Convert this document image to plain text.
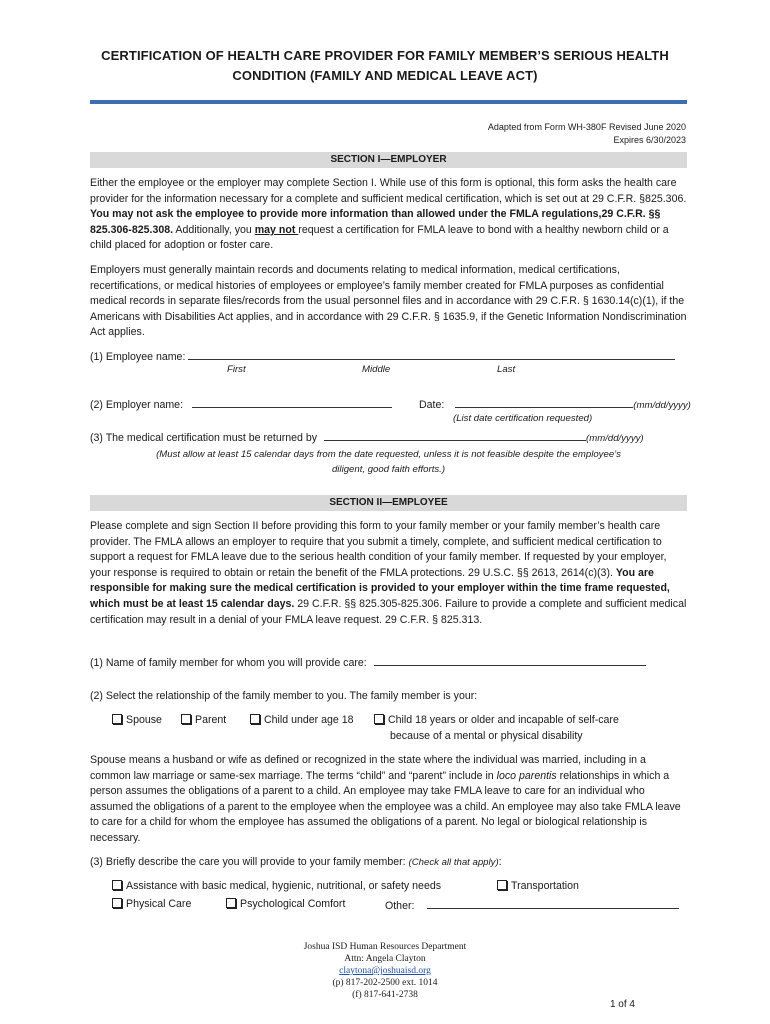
CERTIFICATION OF HEALTH CARE PROVIDER FOR FAMILY MEMBER’S SERIOUS HEALTH
CONDITION (FAMILY AND MEDICAL LEAVE ACT)
Adapted from Form WH-380F Revised June 2020
Expires 6/30/2023
SECTION I—EMPLOYER
Either the employee or the employer may complete Section I. While use of this form is optional, this form asks the health care provider for the information necessary for a complete and sufficient medical certification, which is set out at 29 C.F.R. §825.306. You may not ask the employee to provide more information than allowed under the FMLA regulations,29 C.F.R. §§ 825.306-825.308. Additionally, you may not request a certification for FMLA leave to bond with a healthy newborn child or a child placed for adoption or foster care.
Employers must generally maintain records and documents relating to medical information, medical certifications, recertifications, or medical histories of employees or employee’s family member created for FMLA purposes as confidential medical records in separate files/records from the usual personnel files and in accordance with 29 C.F.R. § 1630.14(c)(1), if the Americans with Disabilities Act applies, and in accordance with 29 C.F.R. § 1635.9, if the Genetic Information Nondiscrimination Act applies.
(1) Employee name:
First	Middle	Last
(2) Employer name:	Date:	(mm/dd/yyyy)
(List date certification requested)
(3) The medical certification must be returned by	(mm/dd/yyyy)
(Must allow at least 15 calendar days from the date requested, unless it is not feasible despite the employee’s
diligent, good faith efforts.)
SECTION II—EMPLOYEE
Please complete and sign Section II before providing this form to your family member or your family member’s health care provider. The FMLA allows an employer to require that you submit a timely, complete, and sufficient medical certification to support a request for FMLA leave due to the serious health condition of your family member. If requested by your employer, your response is required to obtain or retain the benefit of the FMLA protections. 29 U.S.C. §§ 2613, 2614(c)(3). You are responsible for making sure the medical certification is provided to your employer within the time frame requested, which must be at least 15 calendar days. 29 C.F.R. §§ 825.305-825.306. Failure to provide a complete and sufficient medical certification may result in a denial of your FMLA leave request. 29 C.F.R. § 825.313.
(1) Name of family member for whom you will provide care:
(2) Select the relationship of the family member to you. The family member is your:
Spouse	Parent	Child under age 18	Child 18 years or older and incapable of self-care
because of a mental or physical disability
Spouse means a husband or wife as defined or recognized in the state where the individual was married, including in a common law marriage or same-sex marriage. The terms “child” and “parent” include in loco parentis relationships in which a person assumes the obligations of a parent to a child. An employee may take FMLA leave to care for an individual who assumed the obligations of a parent to the employee when the employee was a child. An employee may also take FMLA leave to care for a child for whom the employee has assumed the obligations of a parent. No legal or biological relationship is necessary.
(3) Briefly describe the care you will provide to your family member: (Check all that apply):
Assistance with basic medical, hygienic, nutritional, or safety needs	Transportation
Physical Care	Psychological Comfort	Other:
Joshua ISD Human Resources Department
Attn: Angela Clayton
claytona@joshuaisd.org
(p) 817-202-2500 ext. 1014
(f) 817-641-2738
1 of 4
